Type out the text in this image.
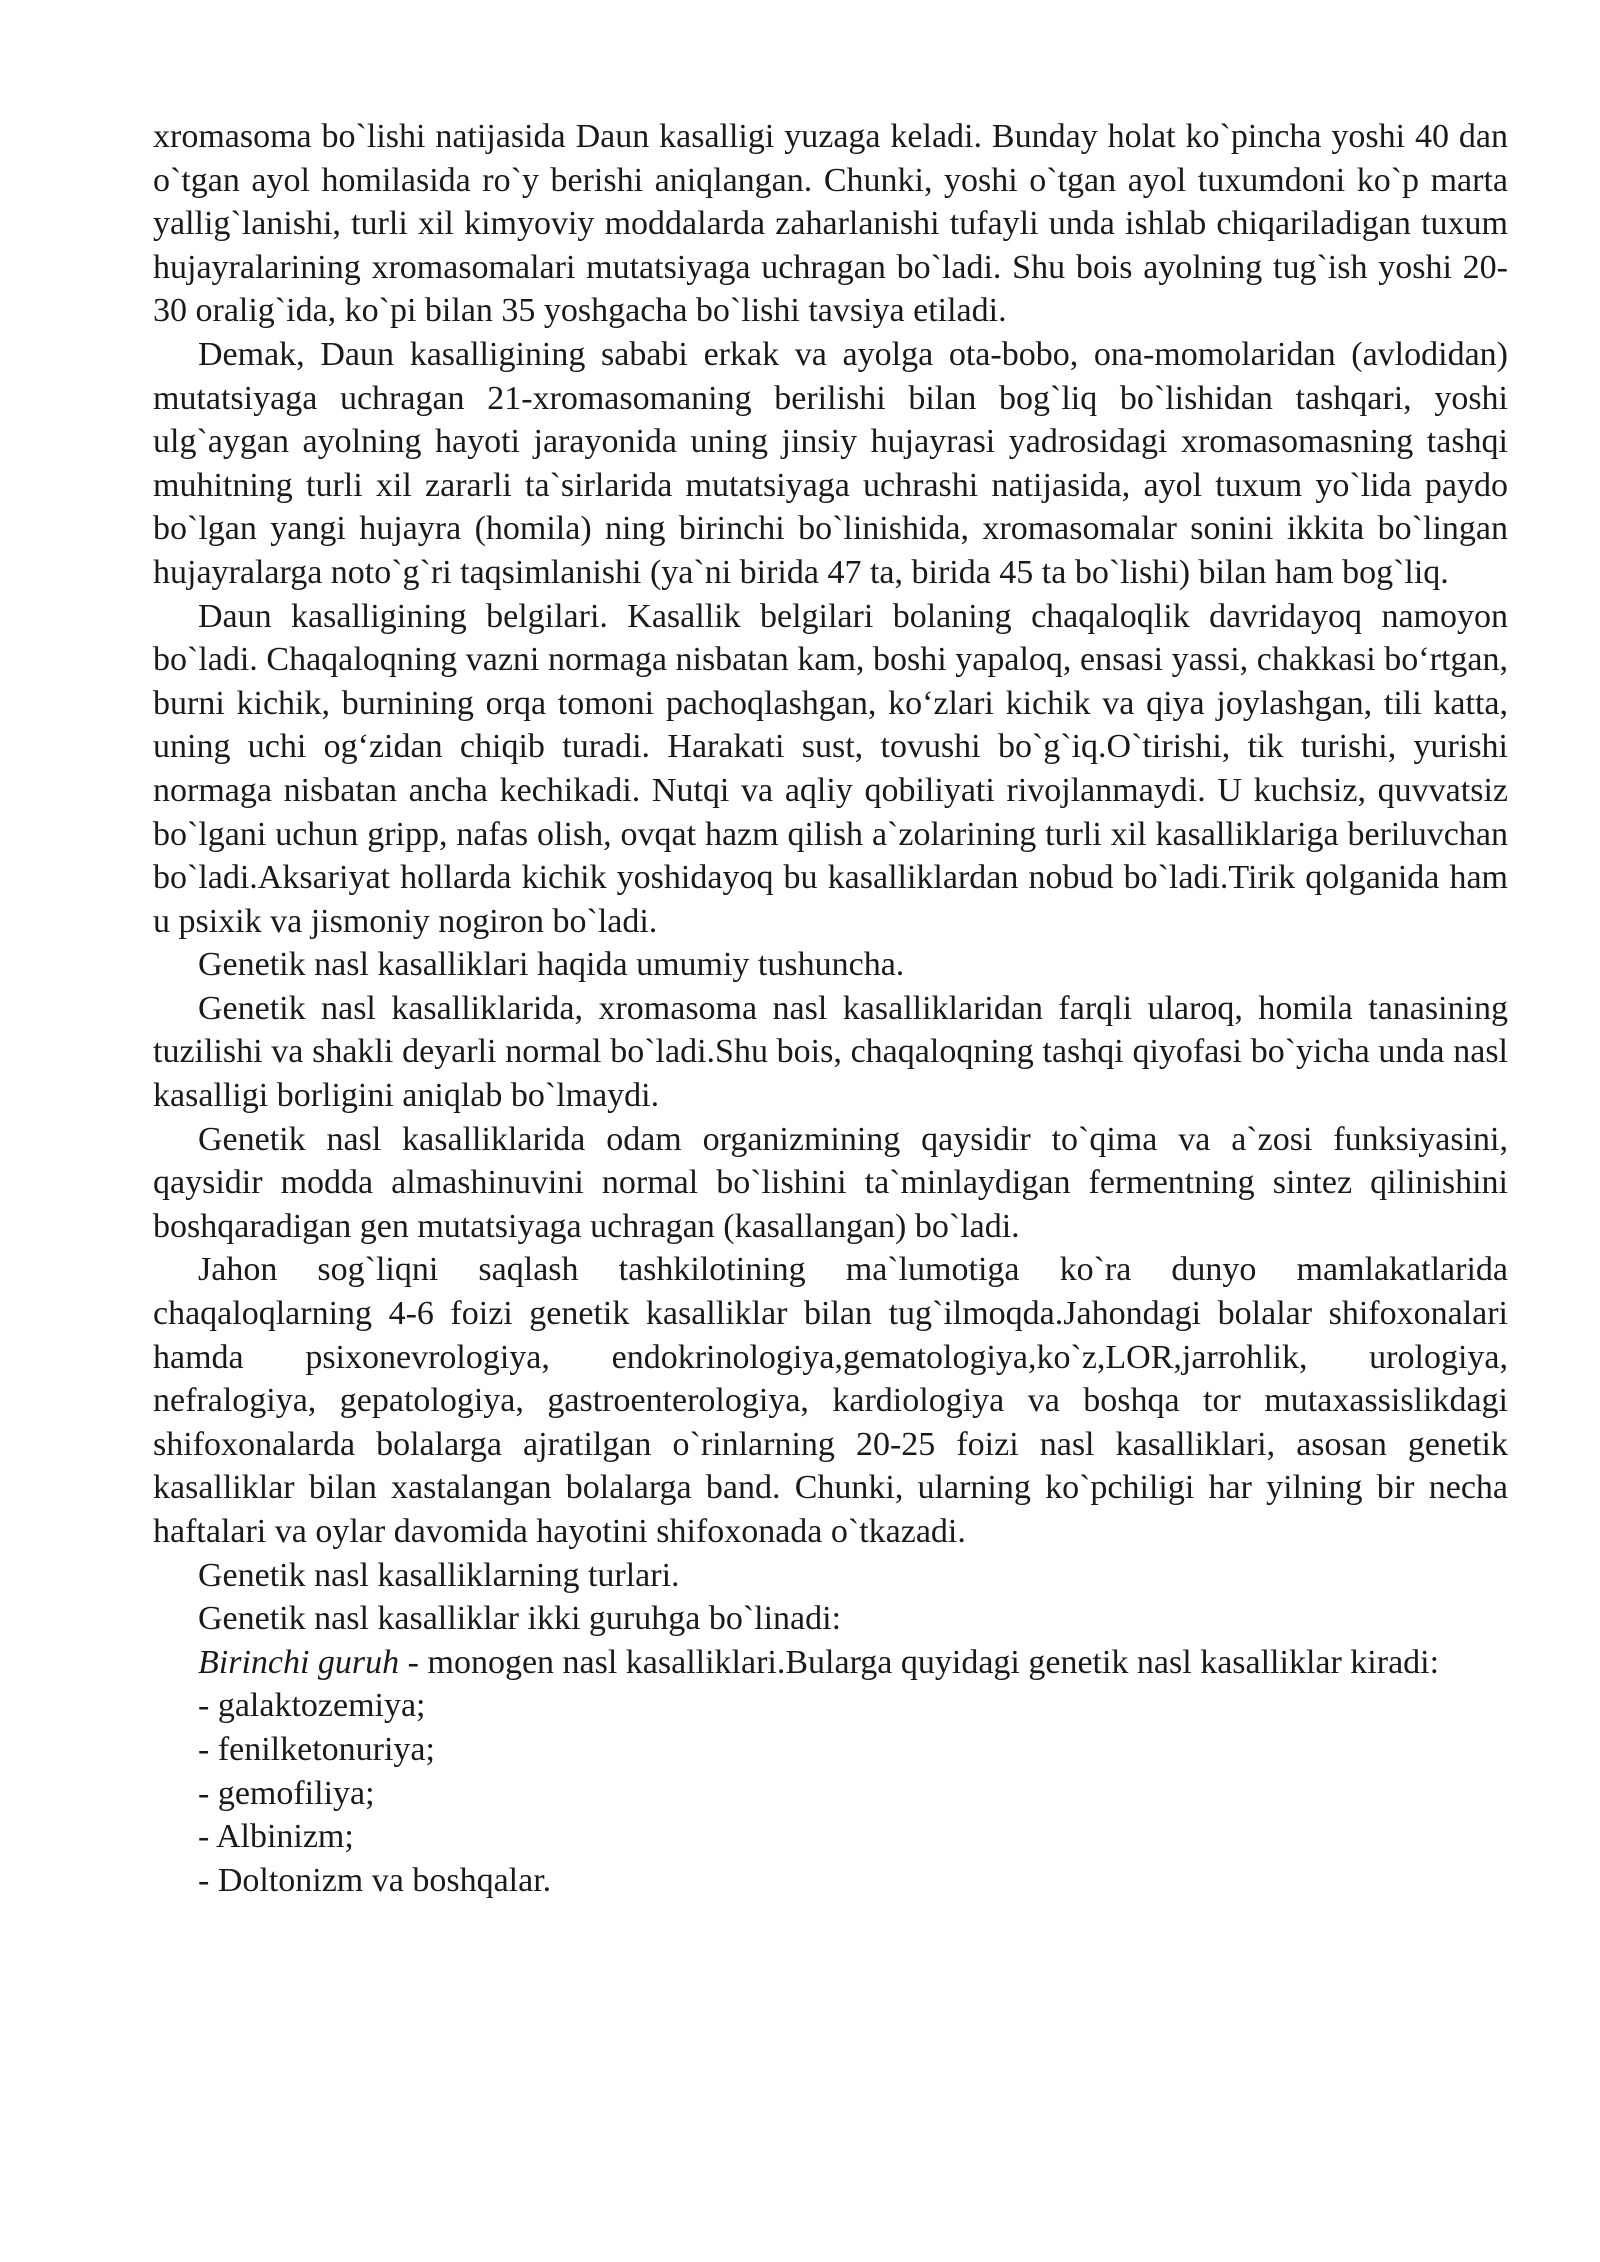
xromasoma bo`lishi natijasida Daun kasalligi yuzaga keladi. Bunday holat ko`pincha yoshi 40 dan o`tgan ayol homilasida ro`y berishi aniqlangan. Chunki, yoshi o`tgan ayol tuxumdoni ko`p marta yallig`lanishi, turli xil kimyoviy moddalarda zaharlanishi tufayli unda ishlab chiqariladigan tuxum hujayralarining xromasomalari mutatsiyaga uchragan bo`ladi. Shu bois ayolning tug`ish yoshi 20-30 oralig`ida, ko`pi bilan 35 yoshgacha bo`lishi tavsiya etiladi.

Demak, Daun kasalligining sababi erkak va ayolga ota-bobo, ona-momolaridan (avlodidan) mutatsiyaga uchragan 21-xromasomaning berilishi bilan bog`liq bo`lishidan tashqari, yoshi ulg`aygan ayolning hayoti jarayonida uning jinsiy hujayrasi yadrosidagi xromasomasning tashqi muhitning turli xil zararli ta`sirlarida mutatsiyaga uchrashi natijasida, ayol tuxum yo`lida paydo bo`lgan yangi hujayra (homila) ning birinchi bo`linishida, xromasomalar sonini ikkita bo`lingan hujayralarga noto`g`ri taqsimlanishi (ya`ni birida 47 ta, birida 45 ta bo`lishi) bilan ham bog`liq.

Daun kasalligining belgilari. Kasallik belgilari bolaning chaqaloqlik davridayoq namoyon bo`ladi. Chaqaloqning vazni normaga nisbatan kam, boshi yapaloq, ensasi yassi, chakkasi bo‘rtgan, burni kichik, burnining orqa tomoni pachoqlashgan, ko‘zlari kichik va qiya joylashgan, tili katta, uning uchi og‘zidan chiqib turadi. Harakati sust, tovushi bo`g`iq.O`tirishi, tik turishi, yurishi normaga nisbatan ancha kechikadi. Nutqi va aqliy qobiliyati rivojlanmaydi. U kuchsiz, quvvatsiz bo`lgani uchun gripp, nafas olish, ovqat hazm qilish a`zolarining turli xil kasalliklariga beriluvchan bo`ladi.Aksariyat hollarda kichik yoshidayoq bu kasalliklardan nobud bo`ladi.Tirik qolganida ham u psixik va jismoniy nogiron bo`ladi.

Genetik nasl kasalliklari haqida umumiy tushuncha.

Genetik nasl kasalliklarida, xromasoma nasl kasalliklaridan farqli ularoq, homila tanasining tuzilishi va shakli deyarli normal bo`ladi.Shu bois, chaqaloqning tashqi qiyofasi bo`yicha unda nasl kasalligi borligini aniqlab bo`lmaydi.

Genetik nasl kasalliklarida odam organizmining qaysidir to`qima va a`zosi funksiyasini, qaysidir modda almashinuvini normal bo`lishini ta`minlaydigan fermentning sintez qilinishini boshqaradigan gen mutatsiyaga uchragan (kasallangan) bo`ladi.

Jahon sog`liqni saqlash tashkilotining ma`lumotiga ko`ra dunyo mamlakatlarida chaqaloqlarning 4-6 foizi genetik kasalliklar bilan tug`ilmoqda.Jahondagi bolalar shifoxonalari hamda psixonevrologiya, endokrinologiya,gematologiya,ko`z,LOR,jarrohlik, urologiya, nefralogiya, gepatologiya, gastroenterologiya, kardiologiya va boshqa tor mutaxassislikdagi shifoxonalarda bolalarga ajratilgan o`rinlarning 20-25 foizi nasl kasalliklari, asosan genetik kasalliklar bilan xastalangan bolalarga band. Chunki, ularning ko`pchiligi har yilning bir necha haftalari va oylar davomida hayotini shifoxonada o`tkazadi.

Genetik nasl kasalliklarning turlari.

Genetik nasl kasalliklar ikki guruhga bo`linadi:

Birinchi guruh - monogen nasl kasalliklari.Bularga quyidagi genetik nasl kasalliklar kiradi:

- galaktozemiya;
- fenilketonuriya;
- gemofiliya;
- Albinizm;
- Doltonizm va boshqalar.
